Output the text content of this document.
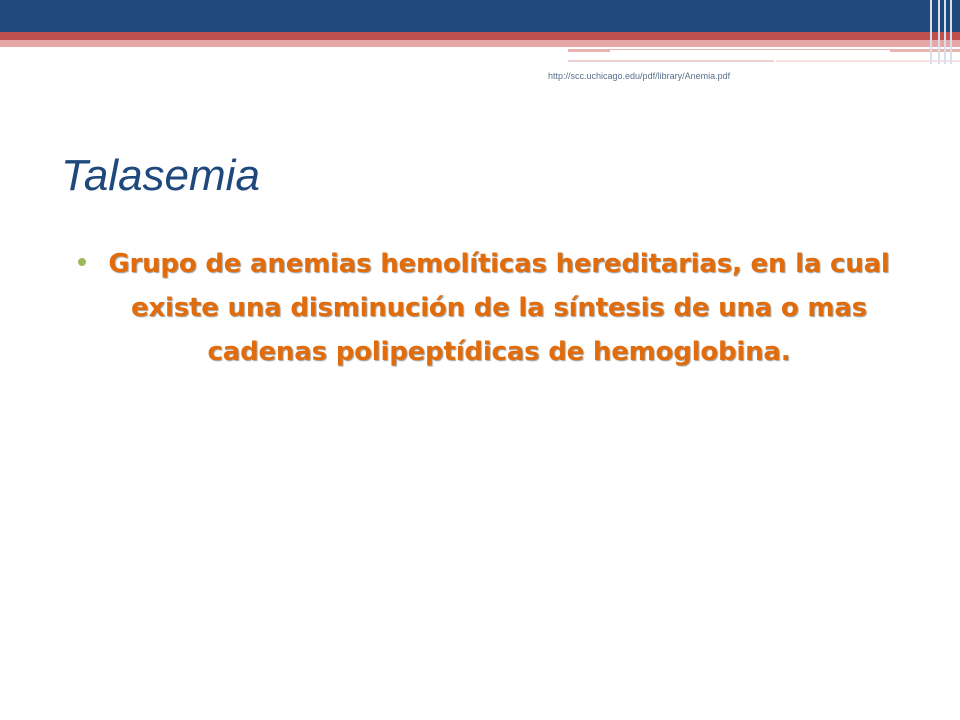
http://scc.uchicago.edu/pdf/library/Anemia.pdf

Talasemia
Grupo de anemias hemolíticas hereditarias, en la cual existe una disminución de la síntesis de una o mas cadenas polipeptídicas de hemoglobina.
